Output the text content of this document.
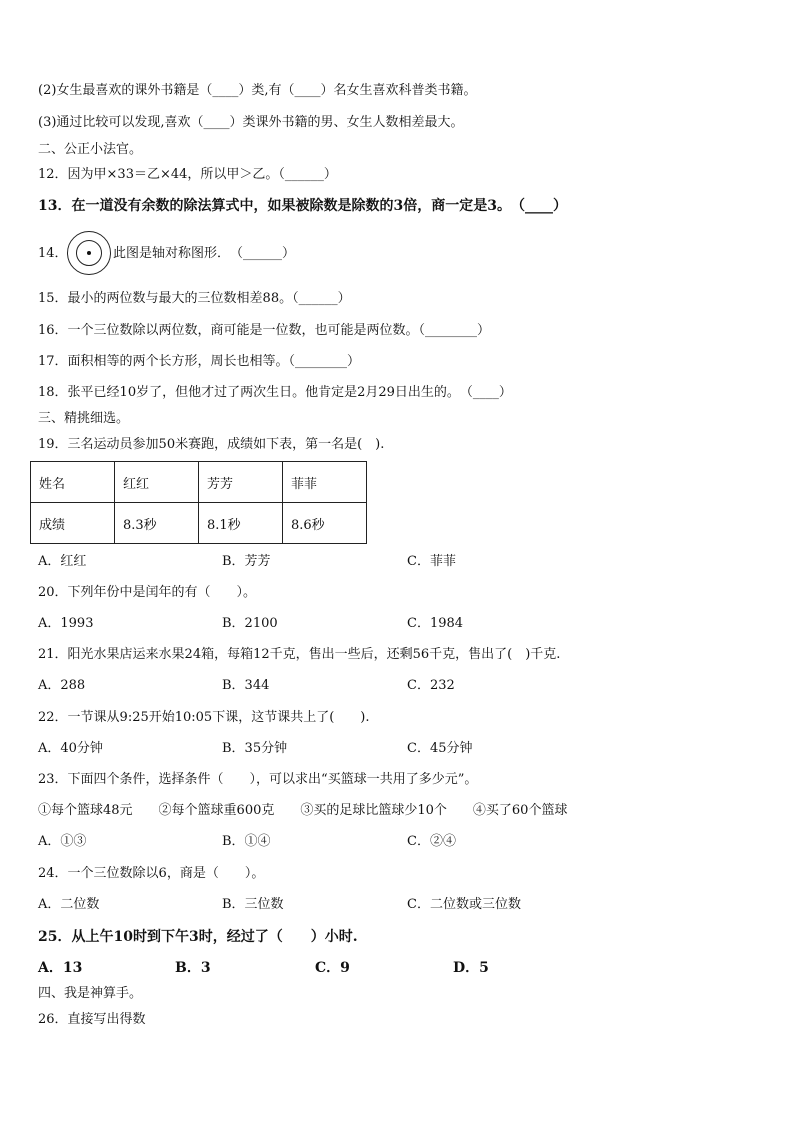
(2)女生最喜欢的课外书籍是（____）类,有（____）名女生喜欢科普类书籍。
(3)通过比较可以发现,喜欢（____）类课外书籍的男、女生人数相差最大。
二、公正小法官。
12．因为甲×33＝乙×44，所以甲＞乙。（______）
13．在一道没有余数的除法算式中，如果被除数是除数的3倍，商一定是3。　（____）
14．	此图是轴对称图形．　（______）
15．最小的两位数与最大的三位数相差88。（______）
16．一个三位数除以两位数，商可能是一位数，也可能是两位数。（________）
17．面积相等的两个长方形，周长也相等。（________）
18．张平已经10岁了，但他才过了两次生日。他肯定是2月29日出生的。　（____）
三、精挑细选。
19．三名运动员参加50米赛跑，成绩如下表，第一名是(　).
姓名	红红	芳芳	菲菲
成绩	8.3秒	8.1秒	8.6秒
A．红红	B．芳芳	C．菲菲
20．下列年份中是闰年的有（　　）。
A．1993	B．2100	C．1984
21．阳光水果店运来水果24箱，每箱12千克，售出一些后，还剩56千克，售出了(　)千克.
A．288	B．344	C．232
22．一节课从9:25开始10:05下课，这节课共上了(　　).
A．40分钟	B．35分钟	C．45分钟
23．下面四个条件，选择条件（　　），可以求出“买篮球一共用了多少元”。
①每个篮球48元　　②每个篮球重600克　　③买的足球比篮球少10个　　④买了60个篮球
A．①③	B．①④	C．②④
24．一个三位数除以6，商是（　　）。
A．二位数	B．三位数	C．二位数或三位数
25．从上午10时到下午3时，经过了（　　）小时.
A．13	B．3	C．9	D．5
四、我是神算手。
26．直接写出得数
